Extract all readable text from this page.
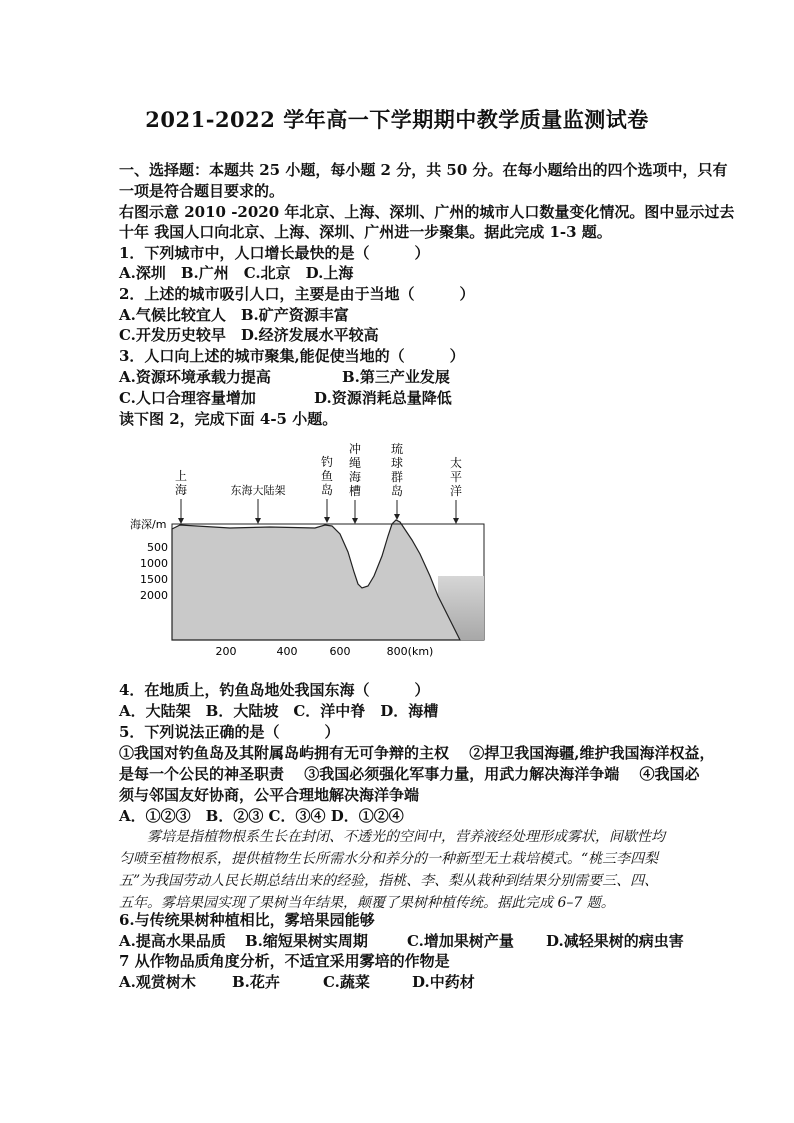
2021-2022 学年高一下学期期中教学质量监测试卷
一、选择题：本题共 25 小题，每小题 2 分，共 50 分。在每小题给出的四个选项中，只有
一项是符合题目要求的。
右图示意 2010 -2020 年北京、上海、深圳、广州的城市人口数量变化情况。图中显示过去
十年 我国人口向北京、上海、深圳、广州进一步聚集。据此完成 1-3 题。
1．下列城市中，人口增长最快的是（　　　）
A.深圳　B.广州　C.北京　D.上海
2．上述的城市吸引人口，主要是由于当地（　　　）
A.气候比较宜人　B.矿产资源丰富
C.开发历史较早　D.经济发展水平较高
3．人口向上述的城市聚集,能促使当地的（　　　）
A.资源环境承载力提高	B.第三产业发展
C.人口合理容量增加	D.资源消耗总量降低
读下图 2，完成下面 4-5 小题。
上
海	东海大陆架
钓
鱼
岛
冲
绳
海
槽
琉
球
群
岛
太
平
洋
海深/m
500
1000
1500
2000
200	400	600	800(km)
4．在地质上，钓鱼岛地处我国东海（　　　）
A．大陆架　B．大陆坡　C．洋中脊　D．海槽
5．下列说法正确的是（　　　）
①我国对钓鱼岛及其附属岛屿拥有无可争辩的主权　 ②捍卫我国海疆,维护我国海洋权益，
是每一个公民的神圣职责　 ③我国必须强化军事力量，用武力解决海洋争端　 ④我国必
须与邻国友好协商，公平合理地解决海洋争端
A．①②③　B．②③ C．③④ D．①②④

　　雾培是指植物根系生长在封闭、不透光的空间中，营养液经处理形成雾状，间歇性均

匀喷至植物根系，提供植物生长所需水分和养分的一种新型无土栽培模式。“桃三李四梨

五”为我国劳动人民长期总结出来的经验，指桃、李、梨从栽种到结果分别需要三、四、

五年。雾培果园实现了果树当年结果，颠覆了果树种植传统。据此完成 6–7 题。

6.与传统果树种植相比，雾培果园能够
A.提高水果品质 B.缩短果树实周期	C.增加果树产量 D.减轻果树的病虫害
7 从作物品质角度分析，不适宜采用雾培的作物是
A.观赏树木 B.花卉	C.蔬菜	D.中药材
